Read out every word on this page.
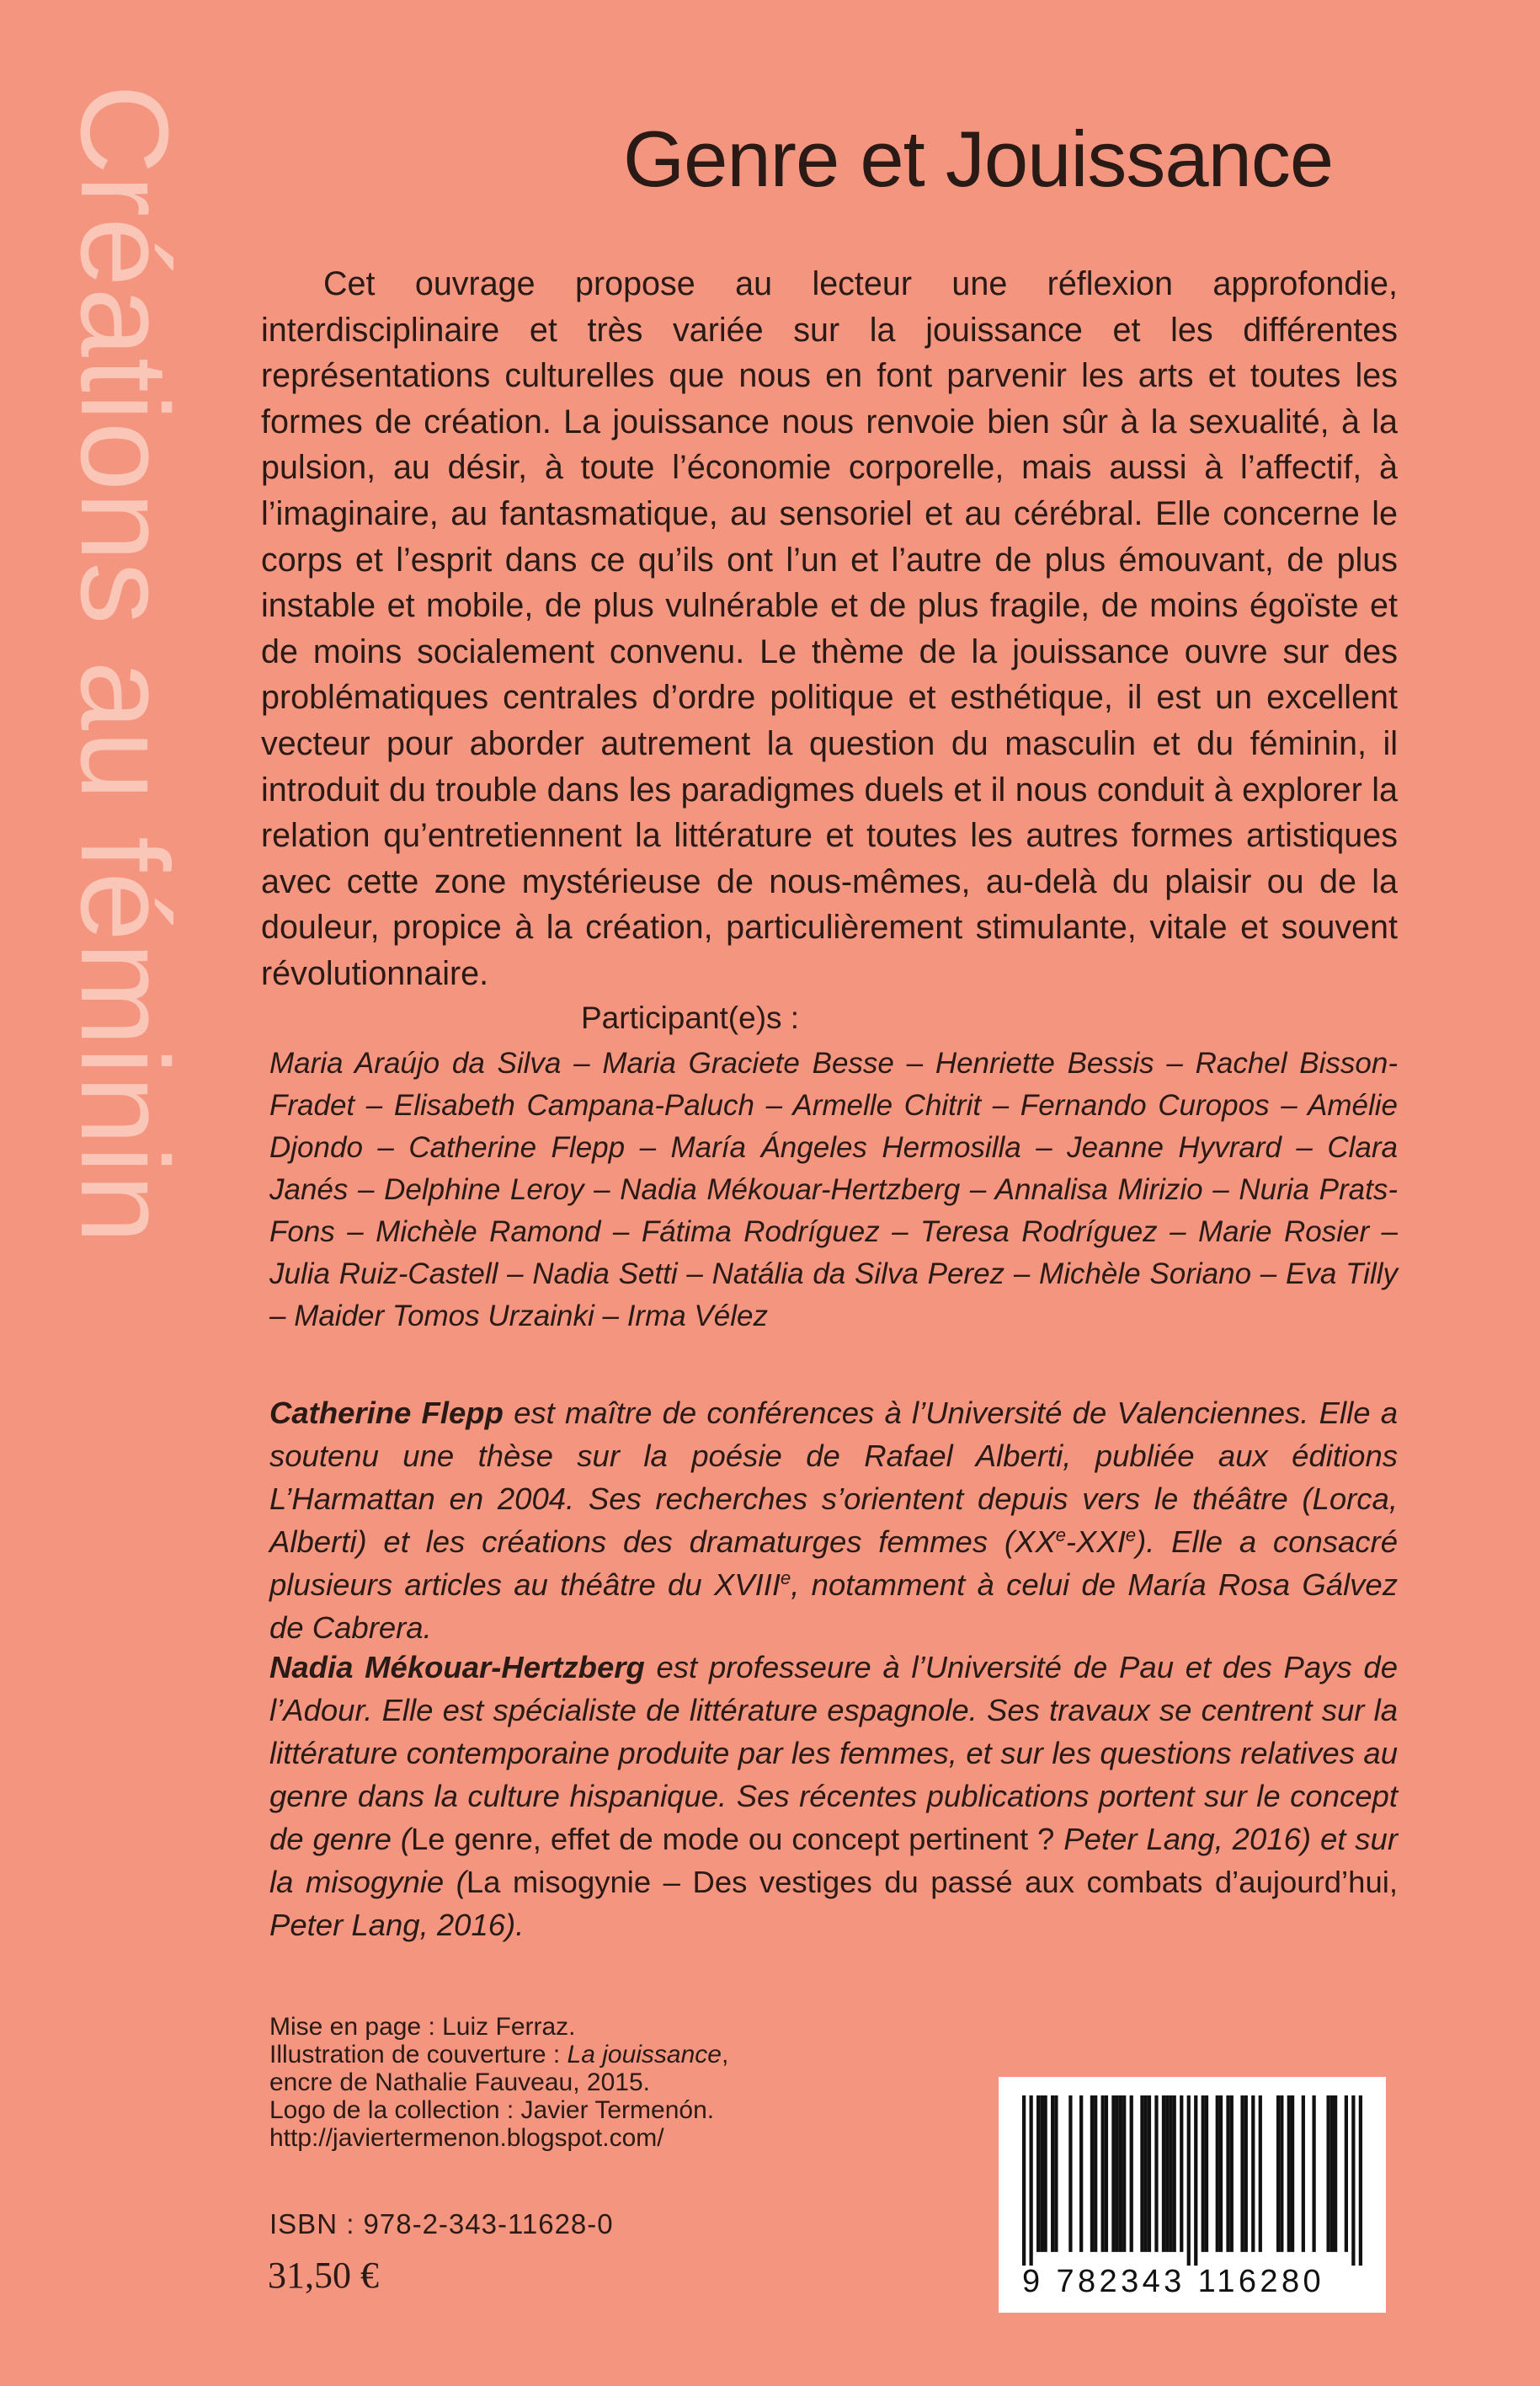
Créations au féminin	Genre et Jouissance

Cet ouvrage propose au lecteur une réflexion approfondie, interdisciplinaire et très variée sur la jouissance et les différentes représentations culturelles que nous en font parvenir les arts et toutes les formes de création. La jouissance nous renvoie bien sûr à la sexualité, à la pulsion, au désir, à toute l’économie corporelle, mais aussi à l’affectif, à l’imaginaire, au fantasmatique, au sensoriel et au cérébral. Elle concerne le corps et l’esprit dans ce qu’ils ont l’un et l’autre de plus émouvant, de plus instable et mobile, de plus vulnérable et de plus fragile, de moins égoïste et de moins socialement convenu. Le thème de la jouissance ouvre sur des problématiques centrales d’ordre politique et esthétique, il est un excellent vecteur pour aborder autrement la question du masculin et du féminin, il introduit du trouble dans les paradigmes duels et il nous conduit à explorer la relation qu’entretiennent la littérature et toutes les autres formes artistiques avec cette zone mystérieuse de nous-mêmes, au-delà du plaisir ou de la douleur, propice à la création, particulièrement stimulante, vitale et souvent révolutionnaire.

Participant(e)s :

Maria Araújo da Silva – Maria Graciete Besse – Henriette Bessis – Rachel Bisson-Fradet – Elisabeth Campana-Paluch – Armelle Chitrit – Fernando Curopos – Amélie Djondo – Catherine Flepp – María Ángeles Hermosilla – Jeanne Hyvrard – Clara Janés – Delphine Leroy – Nadia Mékouar-Hertzberg – Annalisa Mirizio – Nuria Prats-Fons – Michèle Ramond – Fátima Rodríguez – Teresa Rodríguez – Marie Rosier – Julia Ruiz-Castell – Nadia Setti – Natália da Silva Perez – Michèle Soriano – Eva Tilly – Maider Tomos Urzainki – Irma Vélez

Catherine Flepp est maître de conférences à l’Université de Valenciennes. Elle a soutenu une thèse sur la poésie de Rafael Alberti, publiée aux éditions L’Harmattan en 2004. Ses recherches s’orientent depuis vers le théâtre (Lorca, Alberti) et les créations des dramaturges femmes (XXe-XXIe). Elle a consacré plusieurs articles au théâtre du XVIIIe, notamment à celui de María Rosa Gálvez de Cabrera.

Nadia Mékouar-Hertzberg est professeure à l’Université de Pau et des Pays de l’Adour. Elle est spécialiste de littérature espagnole. Ses travaux se centrent sur la littérature contemporaine produite par les femmes, et sur les questions relatives au genre dans la culture hispanique. Ses récentes publications portent sur le concept de genre (Le genre, effet de mode ou concept pertinent ? Peter Lang, 2016) et sur la misogynie (La misogynie – Des vestiges du passé aux combats d’aujourd’hui, Peter Lang, 2016).

Mise en page : Luiz Ferraz.
Illustration de couverture : La jouissance,
encre de Nathalie Fauveau, 2015.
Logo de la collection : Javier Termenón.
http://javiertermenon.blogspot.com/

ISBN : 978-2-343-11628-0

31,50 €	9 782343 116280
